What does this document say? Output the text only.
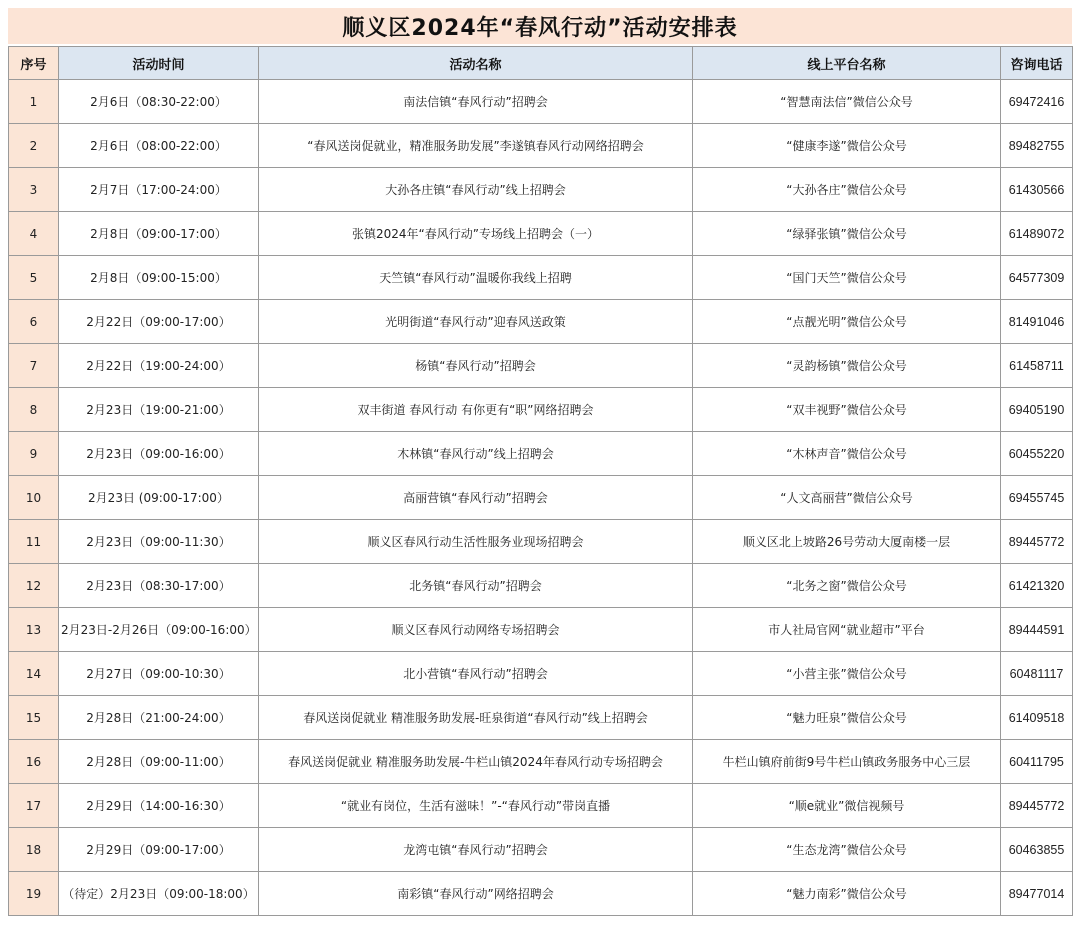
顺义区2024年“春风行动”活动安排表
序号	活动时间	活动名称	线上平台名称	咨询电话
1	2月6日（08:30-22:00）	南法信镇“春风行动”招聘会	“智慧南法信”微信公众号	69472416
2	2月6日（08:00-22:00）	“春风送岗促就业，精准服务助发展”李遂镇春风行动网络招聘会	“健康李遂”微信公众号	89482755
3	2月7日（17:00-24:00）	大孙各庄镇“春风行动”线上招聘会	“大孙各庄”微信公众号	61430566
4	2月8日（09:00-17:00）	张镇2024年“春风行动”专场线上招聘会（一）	“绿驿张镇”微信公众号	61489072
5	2月8日（09:00-15:00）	天竺镇“春风行动”温暖你我线上招聘	“国门天竺”微信公众号	64577309
6	2月22日（09:00-17:00）	光明街道“春风行动”迎春风送政策	“点靓光明”微信公众号	81491046
7	2月22日（19:00-24:00）	杨镇“春风行动”招聘会	“灵韵杨镇”微信公众号	61458711
8	2月23日（19:00-21:00）	双丰街道 春风行动 有你更有“职”网络招聘会	“双丰视野”微信公众号	69405190
9	2月23日（09:00-16:00）	木林镇“春风行动”线上招聘会	“木林声音”微信公众号	60455220
10	2月23日 (09:00-17:00）	高丽营镇“春风行动”招聘会	“人文高丽营”微信公众号	69455745
11	2月23日（09:00-11:30）	顺义区春风行动生活性服务业现场招聘会	顺义区北上坡路26号劳动大厦南楼一层	89445772
12	2月23日（08:30-17:00）	北务镇“春风行动”招聘会	“北务之窗”微信公众号	61421320
13	2月23日-2月26日（09:00-16:00）	顺义区春风行动网络专场招聘会	市人社局官网“就业超市”平台	89444591
14	2月27日（09:00-10:30）	北小营镇“春风行动”招聘会	“小营主张”微信公众号	60481117
15	2月28日（21:00-24:00）	春风送岗促就业 精准服务助发展-旺泉街道“春风行动”线上招聘会	“魅力旺泉”微信公众号	61409518
16	2月28日（09:00-11:00）	春风送岗促就业 精准服务助发展-牛栏山镇2024年春风行动专场招聘会	牛栏山镇府前街9号牛栏山镇政务服务中心三层	60411795
17	2月29日（14:00-16:30）	“就业有岗位，生活有滋味！”-“春风行动”带岗直播	“顺e就业”微信视频号	89445772
18	2月29日（09:00-17:00）	龙湾屯镇“春风行动”招聘会	“生态龙湾”微信公众号	60463855
19	（待定）2月23日（09:00-18:00）	南彩镇“春风行动”网络招聘会	“魅力南彩”微信公众号	89477014
